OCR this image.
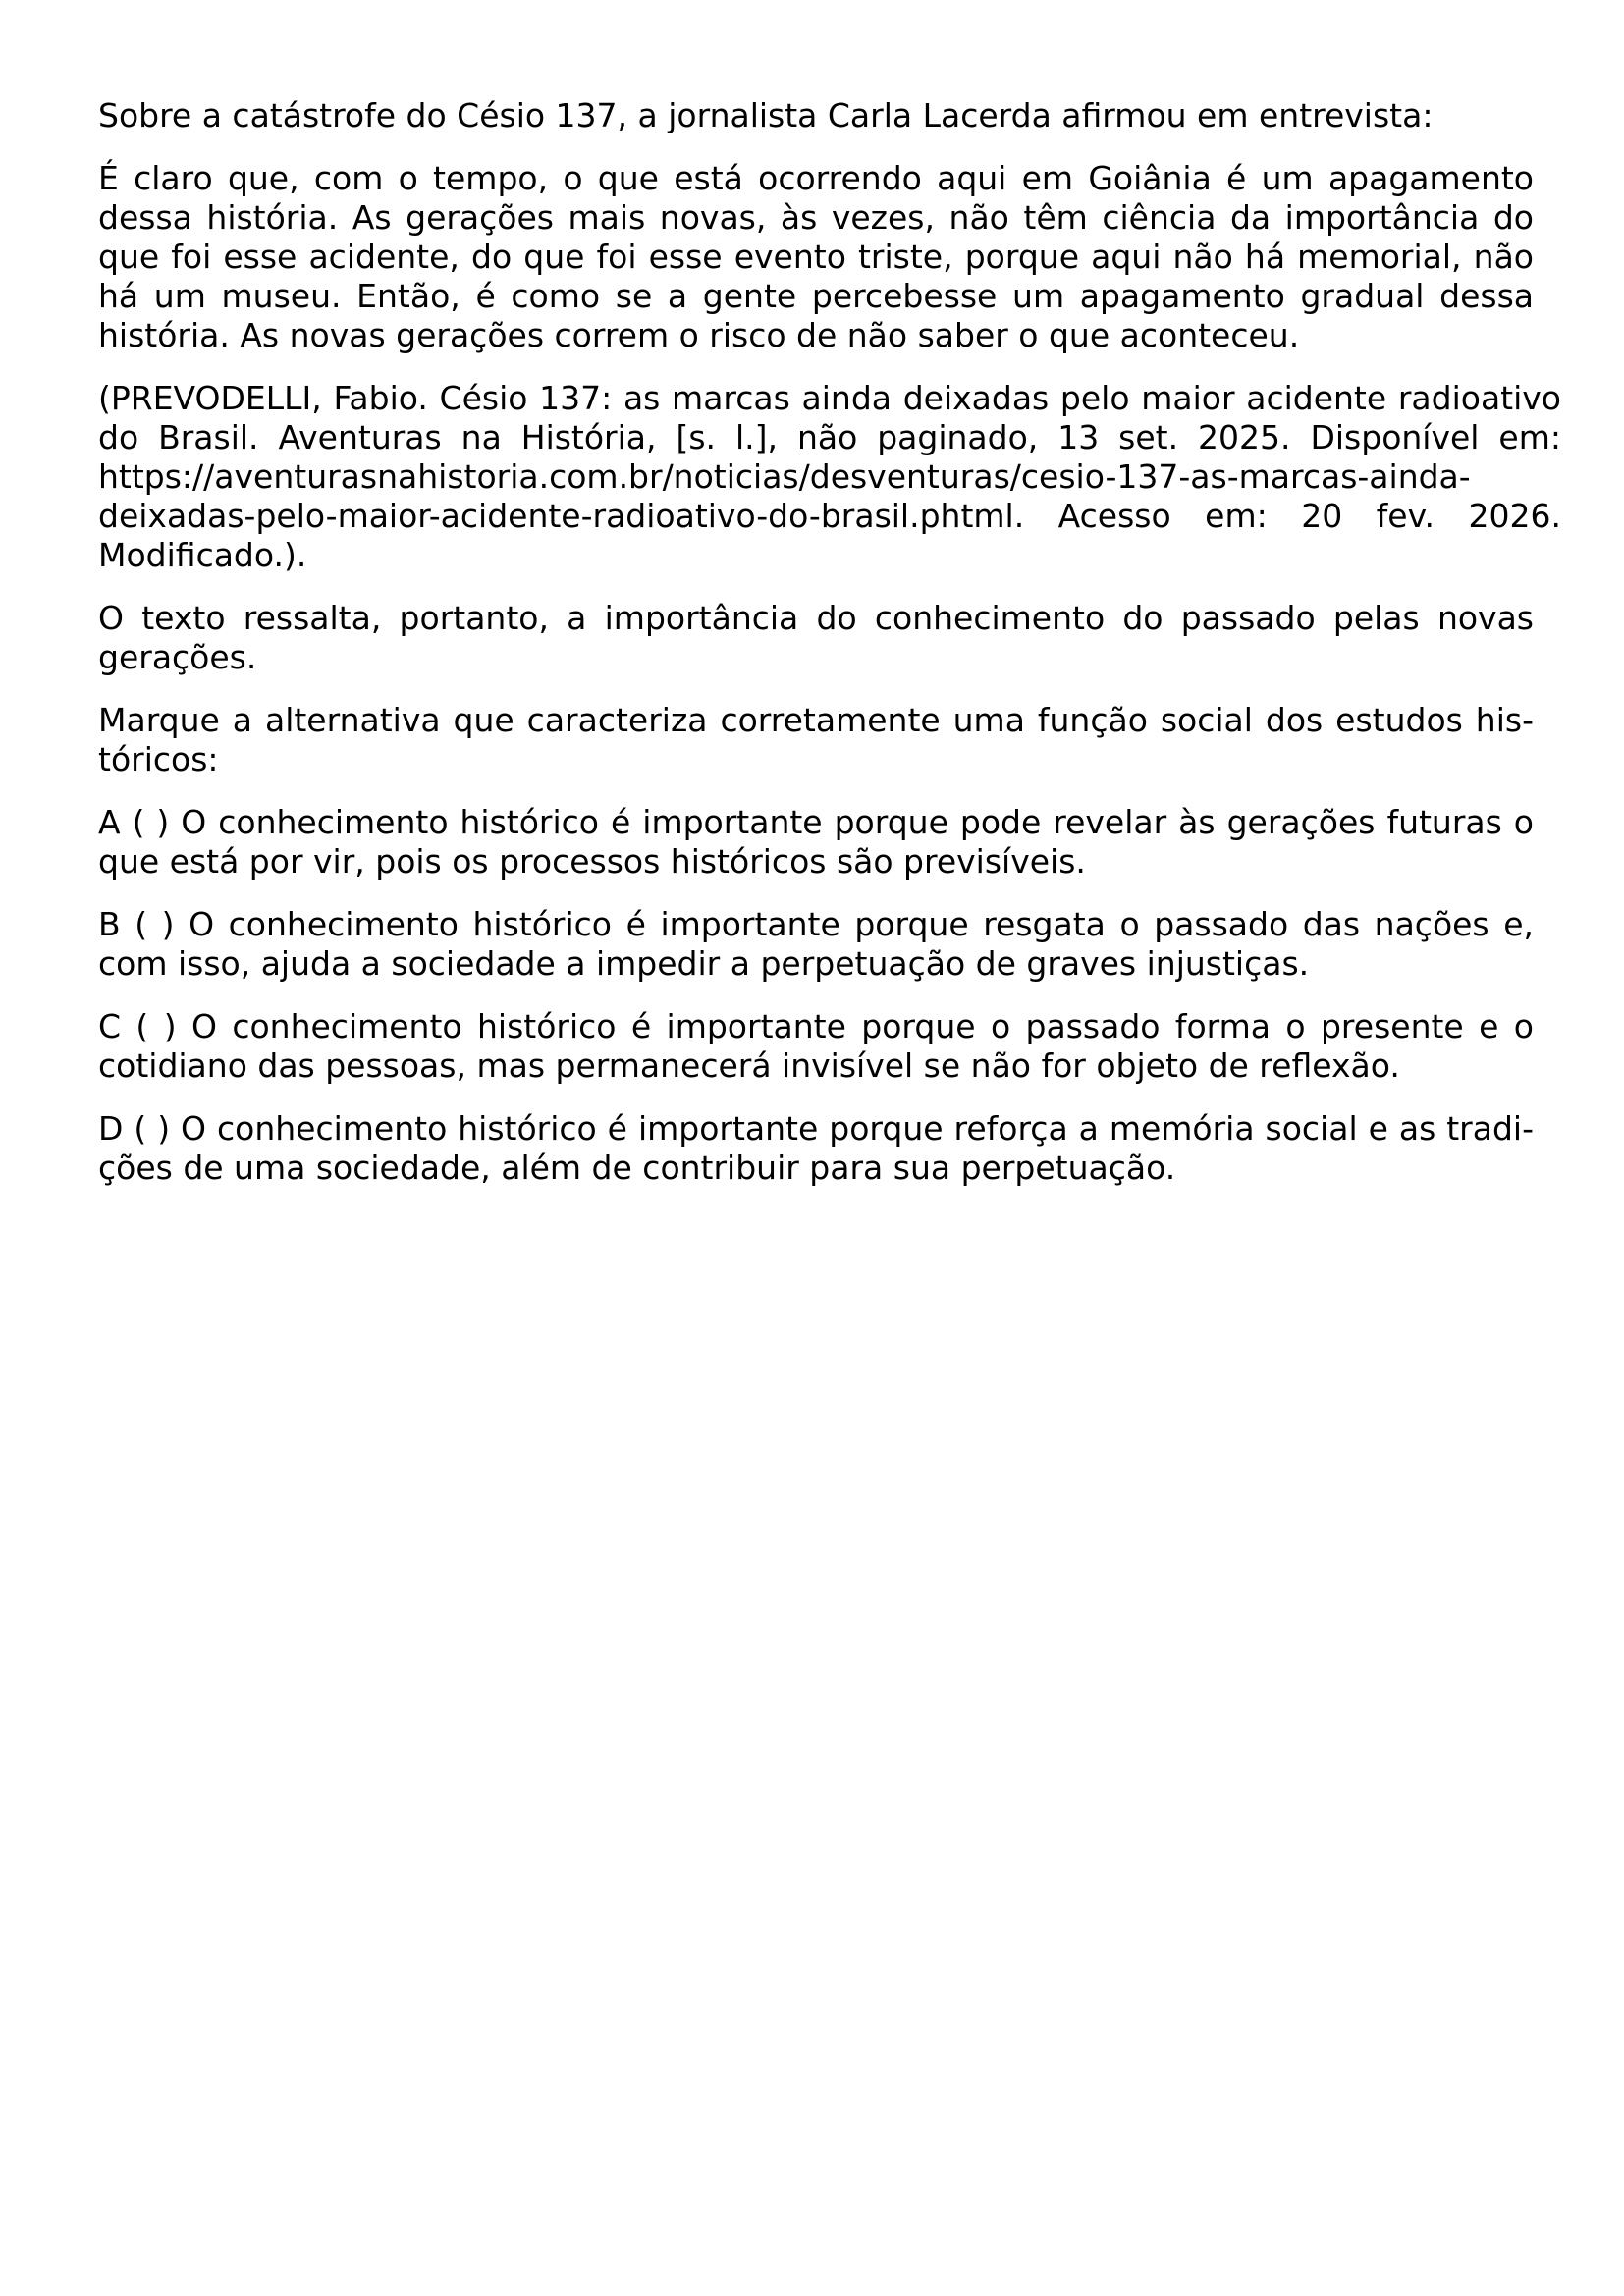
Sobre a catástrofe do Césio 137, a jornalista Carla Lacerda afirmou em entrevista:

É claro que, com o tempo, o que está ocorrendo aqui em Goiânia é um apagamento dessa história. As gerações mais novas, às vezes, não têm ciência da importância do que foi esse acidente, do que foi esse evento triste, porque aqui não há memorial, não há um museu. Então, é como se a gente percebesse um apagamento gradual dessa história. As novas gerações correm o risco de não saber o que aconteceu.

(PREVODELLI, Fabio. Césio 137: as marcas ainda deixadas pelo maior acidente radioativo do Brasil. Aventuras na História, [s. l.], não paginado, 13 set. 2025. Disponível em: https://aventurasnahistoria.com.br/noticias/desventuras/cesio-137-as-marcas-ainda-deixadas-pelo-maior-acidente-radioativo-do-brasil.phtml. Acesso em: 20 fev. 2026. Modificado.).

O texto ressalta, portanto, a importância do conhecimento do passado pelas novas gerações.

Marque a alternativa que caracteriza corretamente uma função social dos estudos históricos:

A ( ) O conhecimento histórico é importante porque pode revelar às gerações futuras o que está por vir, pois os processos históricos são previsíveis.

B ( ) O conhecimento histórico é importante porque resgata o passado das nações e, com isso, ajuda a sociedade a impedir a perpetuação de graves injustiças.

C ( ) O conhecimento histórico é importante porque o passado forma o presente e o cotidiano das pessoas, mas permanecerá invisível se não for objeto de reflexão.

D ( ) O conhecimento histórico é importante porque reforça a memória social e as tradições de uma sociedade, além de contribuir para sua perpetuação.
